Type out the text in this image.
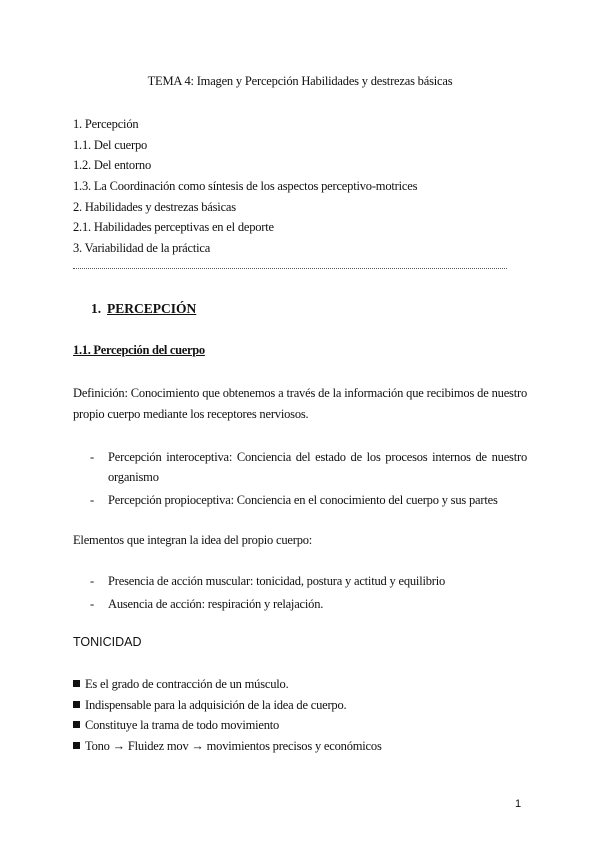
TEMA 4: Imagen y Percepción Habilidades y destrezas básicas
1. Percepción
1.1. Del cuerpo
1.2. Del entorno
1.3. La Coordinación como síntesis de los aspectos perceptivo-motrices
2. Habilidades y destrezas básicas
2.1. Habilidades perceptivas en el deporte
3. Variabilidad de la práctica
1. PERCEPCIÓN
1.1. Percepción del cuerpo
Definición: Conocimiento que obtenemos a través de la información que recibimos de nuestro propio cuerpo mediante los receptores nerviosos.
- Percepción interoceptiva: Conciencia del estado de los procesos internos de nuestro organismo
- Percepción propioceptiva: Conciencia en el conocimiento del cuerpo y sus partes
Elementos que integran la idea del propio cuerpo:
- Presencia de acción muscular: tonicidad, postura y actitud y equilibrio
- Ausencia de acción: respiración y relajación.
TONICIDAD
Es el grado de contracción de un músculo.
Indispensable para la adquisición de la idea de cuerpo.
Constituye la trama de todo movimiento
Tono → Fluidez mov → movimientos precisos y económicos
1
